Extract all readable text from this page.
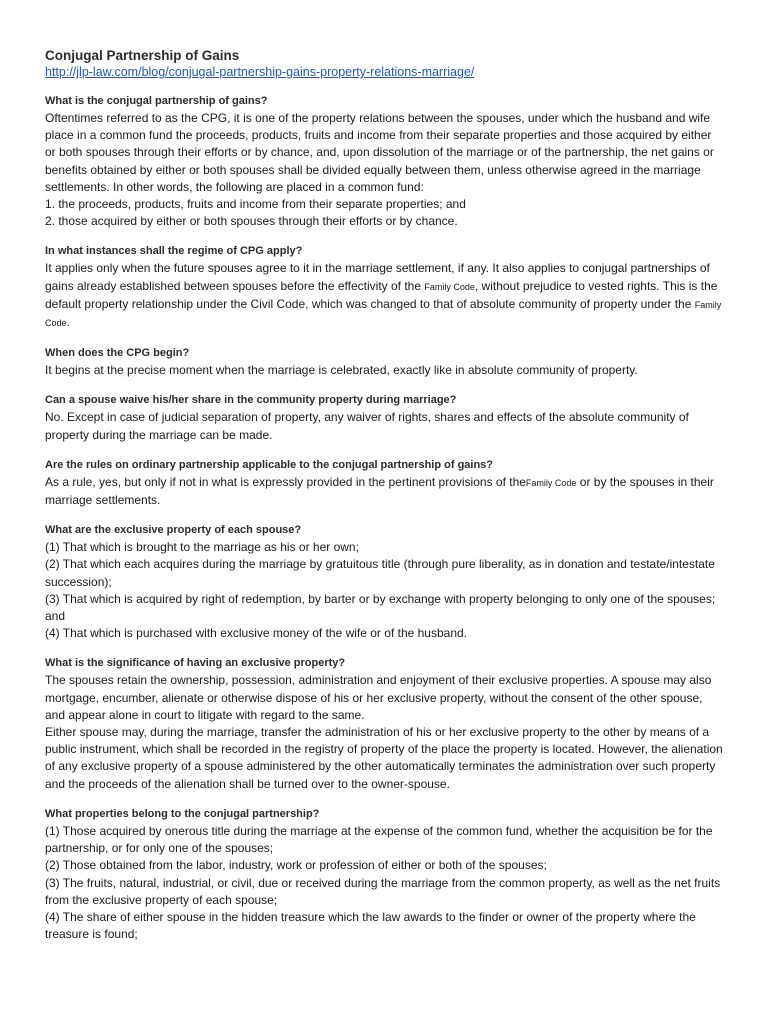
Conjugal Partnership of Gains
http://jlp-law.com/blog/conjugal-partnership-gains-property-relations-marriage/
What is the conjugal partnership of gains?

Oftentimes referred to as the CPG, it is one of the property relations between the spouses, under which the husband and wife place in a common fund the proceeds, products, fruits and income from their separate properties and those acquired by either or both spouses through their efforts or by chance, and, upon dissolution of the marriage or of the partnership, the net gains or benefits obtained by either or both spouses shall be divided equally between them, unless otherwise agreed in the marriage settlements. In other words, the following are placed in a common fund:

1. the proceeds, products, fruits and income from their separate properties; and

2. those acquired by either or both spouses through their efforts or by chance.

In what instances shall the regime of CPG apply?

It applies only when the future spouses agree to it in the marriage settlement, if any. It also applies to conjugal partnerships of gains already established between spouses before the effectivity of the Family Code, without prejudice to vested rights. This is the default property relationship under the Civil Code, which was changed to that of absolute community of property under the Family Code.

When does the CPG begin?

It begins at the precise moment when the marriage is celebrated, exactly like in absolute community of property.

Can a spouse waive his/her share in the community property during marriage?

No. Except in case of judicial separation of property, any waiver of rights, shares and effects of the absolute community of property during the marriage can be made.

Are the rules on ordinary partnership applicable to the conjugal partnership of gains?

As a rule, yes, but only if not in what is expressly provided in the pertinent provisions of theFamily Code or by the spouses in their marriage settlements.

What are the exclusive property of each spouse?

(1) That which is brought to the marriage as his or her own;

(2) That which each acquires during the marriage by gratuitous title (through pure liberality, as in donation and testate/intestate succession);

(3) That which is acquired by right of redemption, by barter or by exchange with property belonging to only one of the spouses; and

(4) That which is purchased with exclusive money of the wife or of the husband.

What is the significance of having an exclusive property?

The spouses retain the ownership, possession, administration and enjoyment of their exclusive properties. A spouse may also mortgage, encumber, alienate or otherwise dispose of his or her exclusive property, without the consent of the other spouse, and appear alone in court to litigate with regard to the same.

Either spouse may, during the marriage, transfer the administration of his or her exclusive property to the other by means of a public instrument, which shall be recorded in the registry of property of the place the property is located. However, the alienation of any exclusive property of a spouse administered by the other automatically terminates the administration over such property and the proceeds of the alienation shall be turned over to the owner-spouse.

What properties belong to the conjugal partnership?

(1) Those acquired by onerous title during the marriage at the expense of the common fund, whether the acquisition be for the partnership, or for only one of the spouses;

(2) Those obtained from the labor, industry, work or profession of either or both of the spouses;

(3) The fruits, natural, industrial, or civil, due or received during the marriage from the common property, as well as the net fruits from the exclusive property of each spouse;

(4) The share of either spouse in the hidden treasure which the law awards to the finder or owner of the property where the treasure is found;
